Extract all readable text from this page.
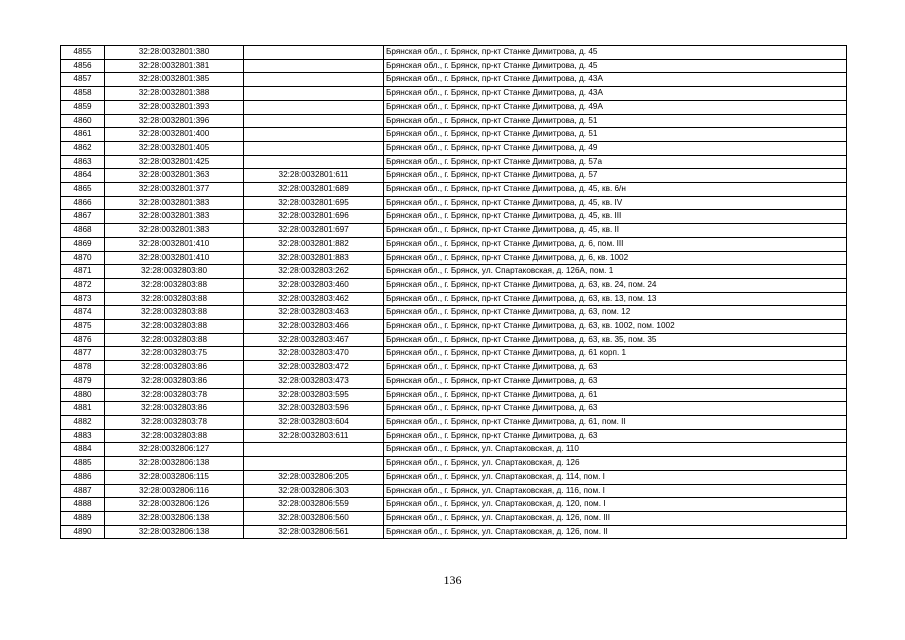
4855	32:28:0032801:380		Брянская обл., г. Брянск, пр-кт Станке Димитрова, д. 45
4856	32:28:0032801:381		Брянская обл., г. Брянск, пр-кт Станке Димитрова, д. 45
4857	32:28:0032801:385		Брянская обл., г. Брянск, пр-кт Станке Димитрова, д. 43А
4858	32:28:0032801:388		Брянская обл., г. Брянск, пр-кт Станке Димитрова, д. 43А
4859	32:28:0032801:393		Брянская обл., г. Брянск, пр-кт Станке Димитрова, д. 49А
4860	32:28:0032801:396		Брянская обл., г. Брянск, пр-кт Станке Димитрова, д. 51
4861	32:28:0032801:400		Брянская обл., г. Брянск, пр-кт Станке Димитрова, д. 51
4862	32:28:0032801:405		Брянская обл., г. Брянск, пр-кт Станке Димитрова, д. 49
4863	32:28:0032801:425		Брянская обл., г. Брянск, пр-кт Станке Димитрова, д. 57а
4864	32:28:0032801:363	32:28:0032801:611	Брянская обл., г. Брянск, пр-кт Станке Димитрова, д. 57
4865	32:28:0032801:377	32:28:0032801:689	Брянская обл., г. Брянск, пр-кт Станке Димитрова, д. 45, кв. 6/н
4866	32:28:0032801:383	32:28:0032801:695	Брянская обл., г. Брянск, пр-кт Станке Димитрова, д. 45, кв. IV
4867	32:28:0032801:383	32:28:0032801:696	Брянская обл., г. Брянск, пр-кт Станке Димитрова, д. 45, кв. III
4868	32:28:0032801:383	32:28:0032801:697	Брянская обл., г. Брянск, пр-кт Станке Димитрова, д. 45, кв. II
4869	32:28:0032801:410	32:28:0032801:882	Брянская обл., г. Брянск, пр-кт Станке Димитрова, д. 6, пом. III
4870	32:28:0032801:410	32:28:0032801:883	Брянская обл., г. Брянск, пр-кт Станке Димитрова, д. 6, кв. 1002
4871	32:28:0032803:80	32:28:0032803:262	Брянская обл., г. Брянск, ул. Спартаковская, д. 126А, пом. 1
4872	32:28:0032803:88	32:28:0032803:460	Брянская обл., г. Брянск, пр-кт Станке Димитрова, д. 63, кв. 24, пом. 24
4873	32:28:0032803:88	32:28:0032803:462	Брянская обл., г. Брянск, пр-кт Станке Димитрова, д. 63, кв. 13, пом. 13
4874	32:28:0032803:88	32:28:0032803:463	Брянская обл., г. Брянск, пр-кт Станке Димитрова, д. 63, пом. 12
4875	32:28:0032803:88	32:28:0032803:466	Брянская обл., г. Брянск, пр-кт Станке Димитрова, д. 63, кв. 1002, пом. 1002
4876	32:28:0032803:88	32:28:0032803:467	Брянская обл., г. Брянск, пр-кт Станке Димитрова, д. 63, кв. 35, пом. 35
4877	32:28:0032803:75	32:28:0032803:470	Брянская обл., г. Брянск, пр-кт Станке Димитрова, д. 61 корп. 1
4878	32:28:0032803:86	32:28:0032803:472	Брянская обл., г. Брянск, пр-кт Станке Димитрова, д. 63
4879	32:28:0032803:86	32:28:0032803:473	Брянская обл., г. Брянск, пр-кт Станке Димитрова, д. 63
4880	32:28:0032803:78	32:28:0032803:595	Брянская обл., г. Брянск, пр-кт Станке Димитрова, д. 61
4881	32:28:0032803:86	32:28:0032803:596	Брянская обл., г. Брянск, пр-кт Станке Димитрова, д. 63
4882	32:28:0032803:78	32:28:0032803:604	Брянская обл., г. Брянск, пр-кт Станке Димитрова, д. 61, пом. II
4883	32:28:0032803:88	32:28:0032803:611	Брянская обл., г. Брянск, пр-кт Станке Димитрова, д. 63
4884	32:28:0032806:127		Брянская обл., г. Брянск, ул. Спартаковская, д. 110
4885	32:28:0032806:138		Брянская обл., г. Брянск, ул. Спартаковская, д. 126
4886	32:28:0032806:115	32:28:0032806:205	Брянская обл., г. Брянск, ул. Спартаковская, д. 114, пом. I
4887	32:28:0032806:116	32:28:0032806:303	Брянская обл., г. Брянск, ул. Спартаковская, д. 116, пом. I
4888	32:28:0032806:126	32:28:0032806:559	Брянская обл., г. Брянск, ул. Спартаковская, д. 120, пом. I
4889	32:28:0032806:138	32:28:0032806:560	Брянская обл., г. Брянск, ул. Спартаковская, д. 126, пом. III
4890	32:28:0032806:138	32:28:0032806:561	Брянская обл., г. Брянск, ул. Спартаковская, д. 126, пом. II
136
